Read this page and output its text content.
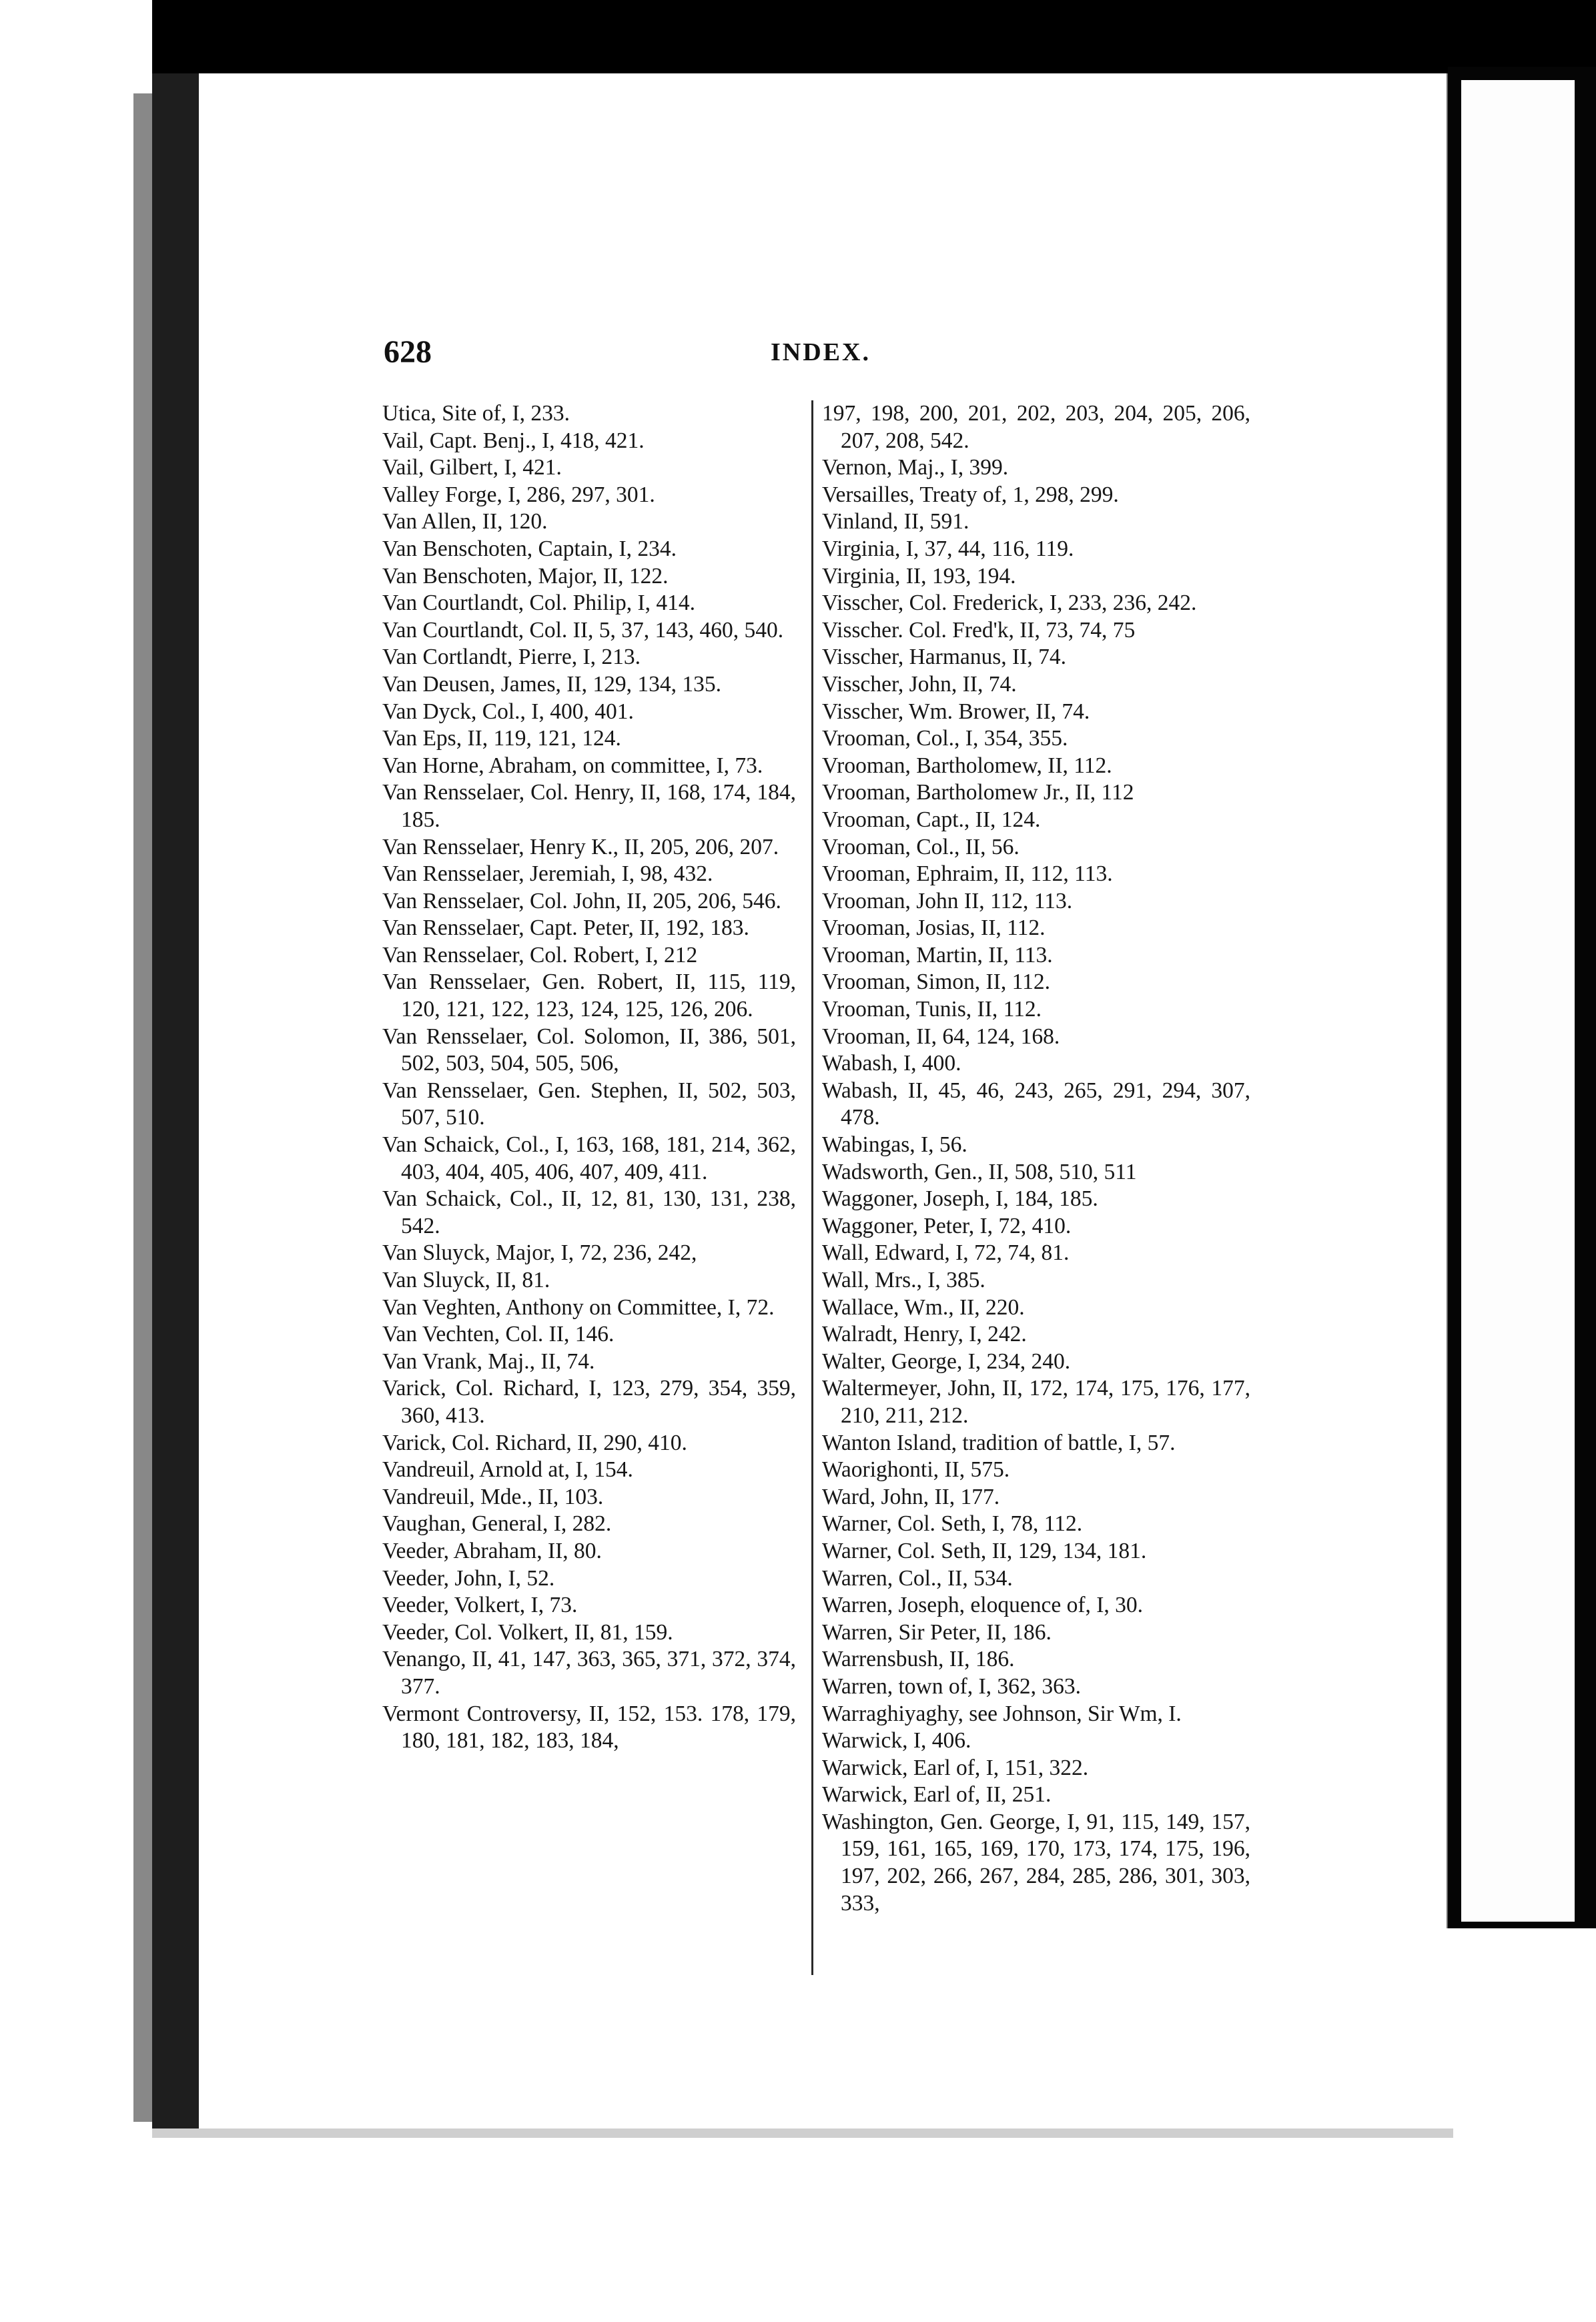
628	INDEX.
Utica, Site of, I, 233.
Vail, Capt. Benj., I, 418, 421.
Vail, Gilbert, I, 421.
Valley Forge, I, 286, 297, 301.
Van Allen, II, 120.
Van Benschoten, Captain, I, 234.
Van Benschoten, Major, II, 122.
Van Courtlandt, Col. Philip, I, 414.
Van Courtlandt, Col. II, 5, 37, 143, 460, 540.
Van Cortlandt, Pierre, I, 213.
Van Deusen, James, II, 129, 134, 135.
Van Dyck, Col., I, 400, 401.
Van Eps, II, 119, 121, 124.
Van Horne, Abraham, on committee, I, 73.
Van Rensselaer, Col. Henry, II, 168, 174, 184, 185.
Van Rensselaer, Henry K., II, 205, 206, 207.
Van Rensselaer, Jeremiah, I, 98, 432.
Van Rensselaer, Col. John, II, 205, 206, 546.
Van Rensselaer, Capt. Peter, II, 192, 183.
Van Rensselaer, Col. Robert, I, 212
Van Rensselaer, Gen. Robert, II, 115, 119, 120, 121, 122, 123, 124, 125, 126, 206.
Van Rensselaer, Col. Solomon, II, 386, 501, 502, 503, 504, 505, 506,
Van Rensselaer, Gen. Stephen, II, 502, 503, 507, 510.
Van Schaick, Col., I, 163, 168, 181, 214, 362, 403, 404, 405, 406, 407, 409, 411.
Van Schaick, Col., II, 12, 81, 130, 131, 238, 542.
Van Sluyck, Major, I, 72, 236, 242,
Van Sluyck, II, 81.
Van Veghten, Anthony on Committee, I, 72.
Van Vechten, Col. II, 146.
Van Vrank, Maj., II, 74.
Varick, Col. Richard, I, 123, 279, 354, 359, 360, 413.
Varick, Col. Richard, II, 290, 410.
Vandreuil, Arnold at, I, 154.
Vandreuil, Mde., II, 103.
Vaughan, General, I, 282.
Veeder, Abraham, II, 80.
Veeder, John, I, 52.
Veeder, Volkert, I, 73.
Veeder, Col. Volkert, II, 81, 159.
Venango, II, 41, 147, 363, 365, 371, 372, 374, 377.
Vermont Controversy, II, 152, 153. 178, 179, 180, 181, 182, 183, 184,
197, 198, 200, 201, 202, 203, 204, 205, 206, 207, 208, 542.
Vernon, Maj., I, 399.
Versailles, Treaty of, 1, 298, 299.
Vinland, II, 591.
Virginia, I, 37, 44, 116, 119.
Virginia, II, 193, 194.
Visscher, Col. Frederick, I, 233, 236, 242.
Visscher. Col. Fred'k, II, 73, 74, 75
Visscher, Harmanus, II, 74.
Visscher, John, II, 74.
Visscher, Wm. Brower, II, 74.
Vrooman, Col., I, 354, 355.
Vrooman, Bartholomew, II, 112.
Vrooman, Bartholomew Jr., II, 112
Vrooman, Capt., II, 124.
Vrooman, Col., II, 56.
Vrooman, Ephraim, II, 112, 113.
Vrooman, John II, 112, 113.
Vrooman, Josias, II, 112.
Vrooman, Martin, II, 113.
Vrooman, Simon, II, 112.
Vrooman, Tunis, II, 112.
Vrooman, II, 64, 124, 168.
Wabash, I, 400.
Wabash, II, 45, 46, 243, 265, 291, 294, 307, 478.
Wabingas, I, 56.
Wadsworth, Gen., II, 508, 510, 511
Waggoner, Joseph, I, 184, 185.
Waggoner, Peter, I, 72, 410.
Wall, Edward, I, 72, 74, 81.
Wall, Mrs., I, 385.
Wallace, Wm., II, 220.
Walradt, Henry, I, 242.
Walter, George, I, 234, 240.
Waltermeyer, John, II, 172, 174, 175, 176, 177, 210, 211, 212.
Wanton Island, tradition of battle, I, 57.
Waorighonti, II, 575.
Ward, John, II, 177.
Warner, Col. Seth, I, 78, 112.
Warner, Col. Seth, II, 129, 134, 181.
Warren, Col., II, 534.
Warren, Joseph, eloquence of, I, 30.
Warren, Sir Peter, II, 186.
Warrensbush, II, 186.
Warren, town of, I, 362, 363.
Warraghiyaghy, see Johnson, Sir Wm, I.
Warwick, I, 406.
Warwick, Earl of, I, 151, 322.
Warwick, Earl of, II, 251.
Washington, Gen. George, I, 91, 115, 149, 157, 159, 161, 165, 169, 170, 173, 174, 175, 196, 197, 202, 266, 267, 284, 285, 286, 301, 303, 333,
